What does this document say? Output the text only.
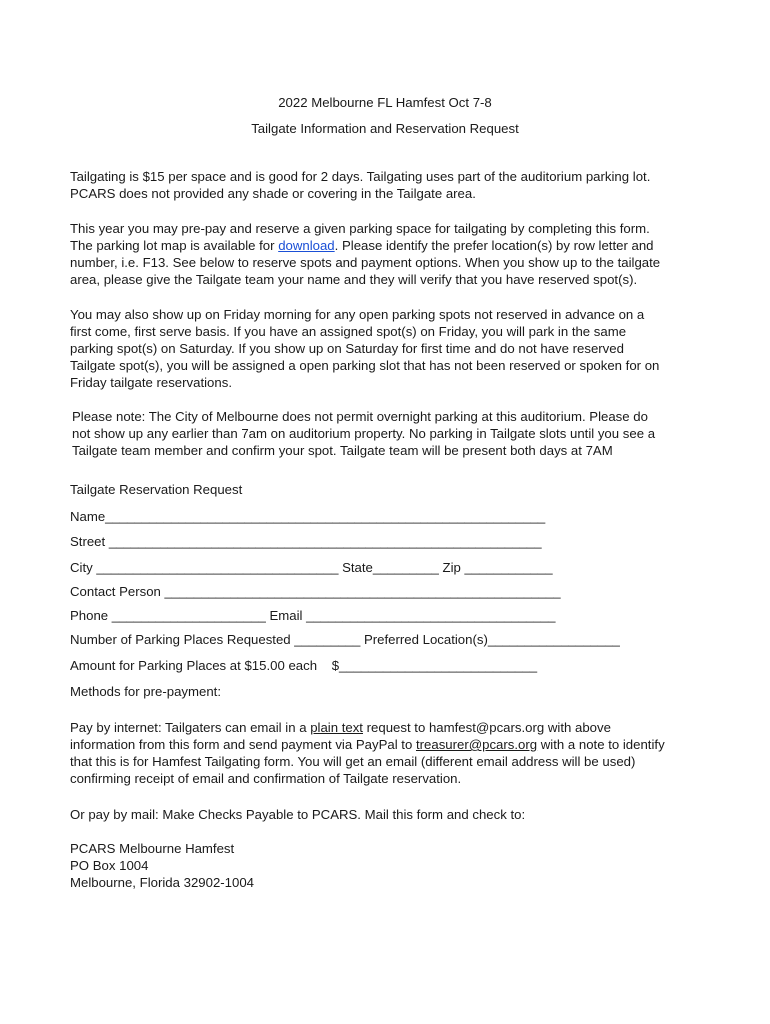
2022 Melbourne FL Hamfest Oct 7-8
Tailgate Information and Reservation Request

Tailgating is $15 per space and is good for 2 days. Tailgating uses part of the auditorium parking lot.

PCARS does not provided any shade or covering in the Tailgate area.

This year you may pre-pay and reserve a given parking space for tailgating by completing this form.

The parking lot map is available for download. Please identify the prefer location(s) by row letter and

number, i.e. F13. See below to reserve spots and payment options. When you show up to the tailgate

area, please give the Tailgate team your name and they will verify that you have reserved spot(s).

You may also show up on Friday morning for any open parking spots not reserved in advance on a

first come, first serve basis. If you have an assigned spot(s) on Friday, you will park in the same

parking spot(s) on Saturday. If you show up on Saturday for first time and do not have reserved

Tailgate spot(s), you will be assigned a open parking slot that has not been reserved or spoken for on

Friday tailgate reservations.

Please note: The City of Melbourne does not permit overnight parking at this auditorium. Please do

not show up any earlier than 7am on auditorium property. No parking in Tailgate slots until you see a

Tailgate team member and confirm your spot. Tailgate team will be present both days at 7AM

Tailgate Reservation Request
Name____________________________________________________________
Street ___________________________________________________________
City _________________________________ State_________ Zip ____________
Contact Person ______________________________________________________
Phone _____________________ Email __________________________________
Number of Parking Places Requested _________ Preferred Location(s)__________________
Amount for Parking Places at $15.00 each    $___________________________
Methods for pre-payment:

Pay by internet: Tailgaters can email in a plain text request to hamfest@pcars.org with above

information from this form and send payment via PayPal to treasurer@pcars.org with a note to identify

that this is for Hamfest Tailgating form. You will get an email (different email address will be used)

confirming receipt of email and confirmation of Tailgate reservation.

Or pay by mail: Make Checks Payable to PCARS. Mail this form and check to:

PCARS Melbourne Hamfest

PO Box 1004

Melbourne, Florida 32902-1004
